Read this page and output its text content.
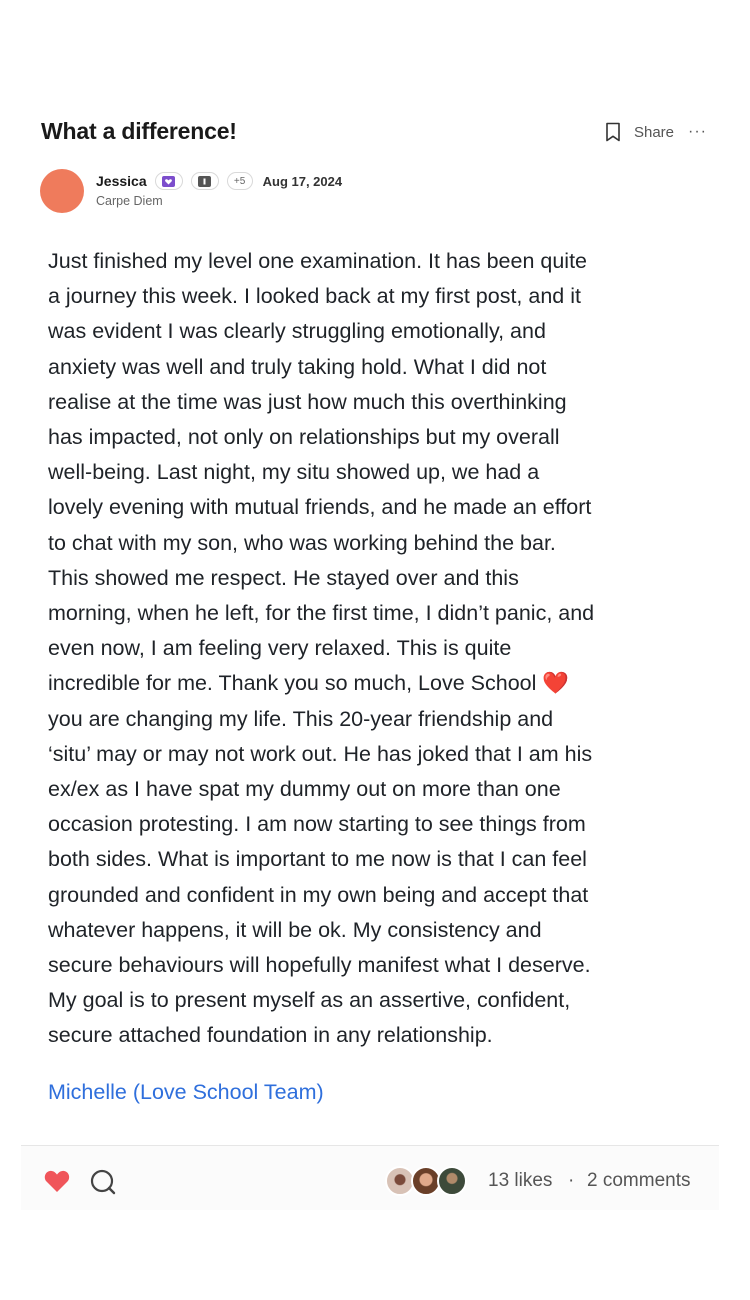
What a difference!	Share ···
Jessica	+5	Aug 17, 2024
Carpe Diem
Just finished my level one examination. It has been quite
a journey this week. I looked back at my first post, and it
was evident I was clearly struggling emotionally, and
anxiety was well and truly taking hold. What I did not
realise at the time was just how much this overthinking
has impacted, not only on relationships but my overall
well-being. Last night, my situ showed up, we had a
lovely evening with mutual friends, and he made an effort
to chat with my son, who was working behind the bar.
This showed me respect. He stayed over and this
morning, when he left, for the first time, I didn’t panic, and
even now, I am feeling very relaxed. This is quite
incredible for me. Thank you so much, Love School ❤️
you are changing my life. This 20-year friendship and
‘situ’ may or may not work out. He has joked that I am his
ex/ex as I have spat my dummy out on more than one
occasion protesting. I am now starting to see things from
both sides. What is important to me now is that I can feel
grounded and confident in my own being and accept that
whatever happens, it will be ok. My consistency and
secure behaviours will hopefully manifest what I deserve.
My goal is to present myself as an assertive, confident,
secure attached foundation in any relationship.
Michelle (Love School Team)
13 likes · 2 comments
